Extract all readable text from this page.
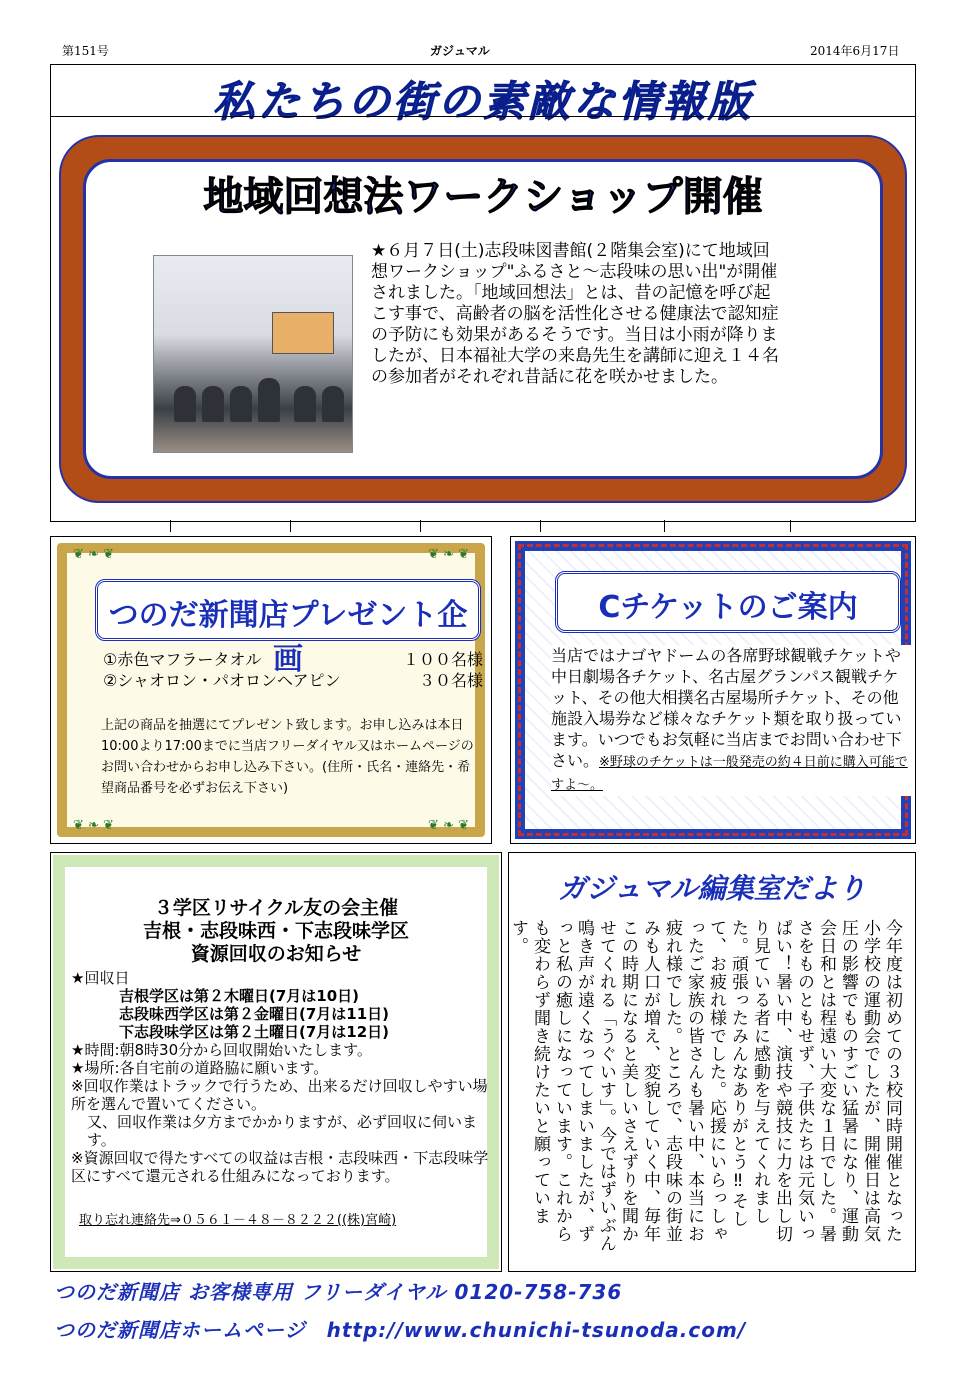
第151号	ガジュマル	2014年6月17日
私たちの街の素敵な情報版
地域回想法ワークショップ開催
★６月７日(土)志段味図書館(２階集会室)にて地域回想ワークショップ"ふるさと～志段味の思い出"が開催されました。「地域回想法」とは、昔の記憶を呼び起こす事で、高齢者の脳を活性化させる健康法で認知症の予防にも効果があるそうです。当日は小雨が降りましたが、日本福祉大学の来島先生を講師に迎え１４名の参加者がそれぞれ昔話に花を咲かせました。
❦ ❧ ❦	❦ ❧ ❦
❦ ❧ ❦	❦ ❧ ❦
つのだ新聞店プレゼント企画
①赤色マフラータオル	１００名様
②シャオロン・パオロンヘアピン	３０名様
上記の商品を抽選にてプレゼント致します。お申し込みは本日10:00より17:00までに当店フリーダイヤル又はホームページのお問い合わせからお申し込み下さい。(住所・氏名・連絡先・希望商品番号を必ずお伝え下さい)
Cチケットのご案内
当店ではナゴヤドームの各席野球観戦チケットや中日劇場各チケット、名古屋グランパス観戦チケット、その他大相撲名古屋場所チケット、その他施設入場券など様々なチケット類を取り扱っています。いつでもお気軽に当店までお問い合わせ下さい。※野球のチケットは一般発売の約４日前に購入可能ですよ～。
３学区リサイクル友の会主催
吉根・志段味西・下志段味学区
資源回収のお知らせ
★回収日
吉根学区は第２木曜日(7月は10日)
志段味西学区は第２金曜日(7月は11日)
下志段味学区は第２土曜日(7月は12日)
★時間:朝8時30分から回収開始いたします。
★場所:各自宅前の道路脇に願います。
※回収作業はトラックで行うため、出来るだけ回収しやすい場所を選んで置いてください。
又、回収作業は夕方までかかりますが、必ず回収に伺います。
※資源回収で得たすべての収益は吉根・志段味西・下志段味学区にすべて還元される仕組みになっております。
取り忘れ連絡先⇒０５６１－４８－８２２２((株)宮崎)
ガジュマル編集室だより
今年度は初めての３校同時開催となった小学校の運動会でしたが、開催日は高気圧の影響でものすごい猛暑になり、運動会日和とは程遠い大変な１日でした。暑さをものともせず、子供たちは元気いっぱい！暑い中、演技や競技に力を出し切り見ている者に感動を与えてくれました。頑張ったみんなありがとう‼そして、お疲れ様でした。応援にいらっしゃったご家族の皆さんも暑い中、本当にお疲れ様でした。ところで、志段味の街並みも人口が増え、変貌していく中、毎年この時期になると美しいさえずりを聞かせてくれる「うぐいす」。今ではずいぶん鳴き声が遠くなってしまいましたが、ずっと私の癒しになっています。これからも変わらず聞き続けたいと願っています。
つのだ新聞店 お客様専用 フリーダイヤル 0120-758-736
つのだ新聞店ホームページ　http://www.chunichi-tsunoda.com/
